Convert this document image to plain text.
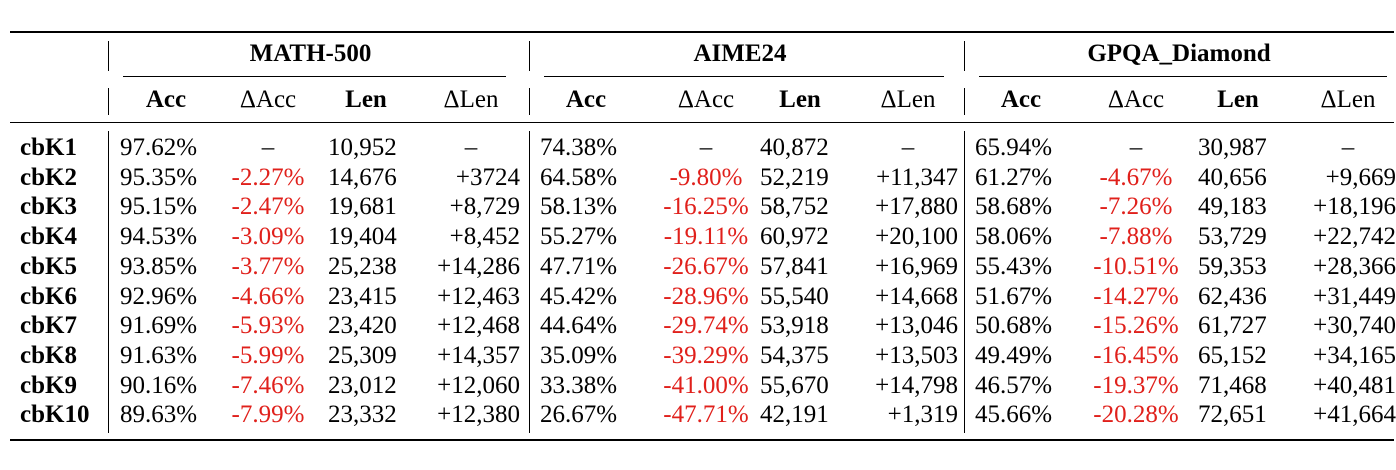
MATH-500	AIME24	GPQA_Diamond
Acc	ΔAcc	Len	ΔLen	Acc	ΔAcc	Len	ΔLen	Acc	ΔAcc	Len	ΔLen
cbK1 97.62%	–	10,952	–	74.38%	–	40,872	–	65.94%	–	30,987	–
cbK2 95.35%	-2.27% 14,676	+3724 64.58%	-9.80% 52,219	+11,347 61.27%	-4.67%	40,656	+9,669
cbK3 95.15%	-2.47% 19,681	+8,729 58.13%	-16.25% 58,752	+17,880 58.68%	-7.26%	49,183	+18,196
cbK4 94.53%	-3.09% 19,404	+8,452 55.27%	-19.11% 60,972	+20,100 58.06%	-7.88%	53,729	+22,742
cbK5 93.85%	-3.77% 25,238	+14,286 47.71%	-26.67% 57,841	+16,969 55.43%	-10.51% 59,353	+28,366
cbK6 92.96%	-4.66% 23,415	+12,463 45.42%	-28.96% 55,540	+14,668 51.67%	-14.27% 62,436	+31,449
cbK7 91.69%	-5.93% 23,420	+12,468 44.64%	-29.74% 53,918	+13,046 50.68%	-15.26% 61,727	+30,740
cbK8 91.63%	-5.99% 25,309	+14,357 35.09%	-39.29% 54,375	+13,503 49.49%	-16.45% 65,152	+34,165
cbK9 90.16%	-7.46% 23,012	+12,060 33.38%	-41.00% 55,670	+14,798 46.57%	-19.37% 71,468	+40,481
cbK10 89.63%	-7.99% 23,332	+12,380 26.67%	-47.71% 42,191	+1,319 45.66%	-20.28% 72,651	+41,664
